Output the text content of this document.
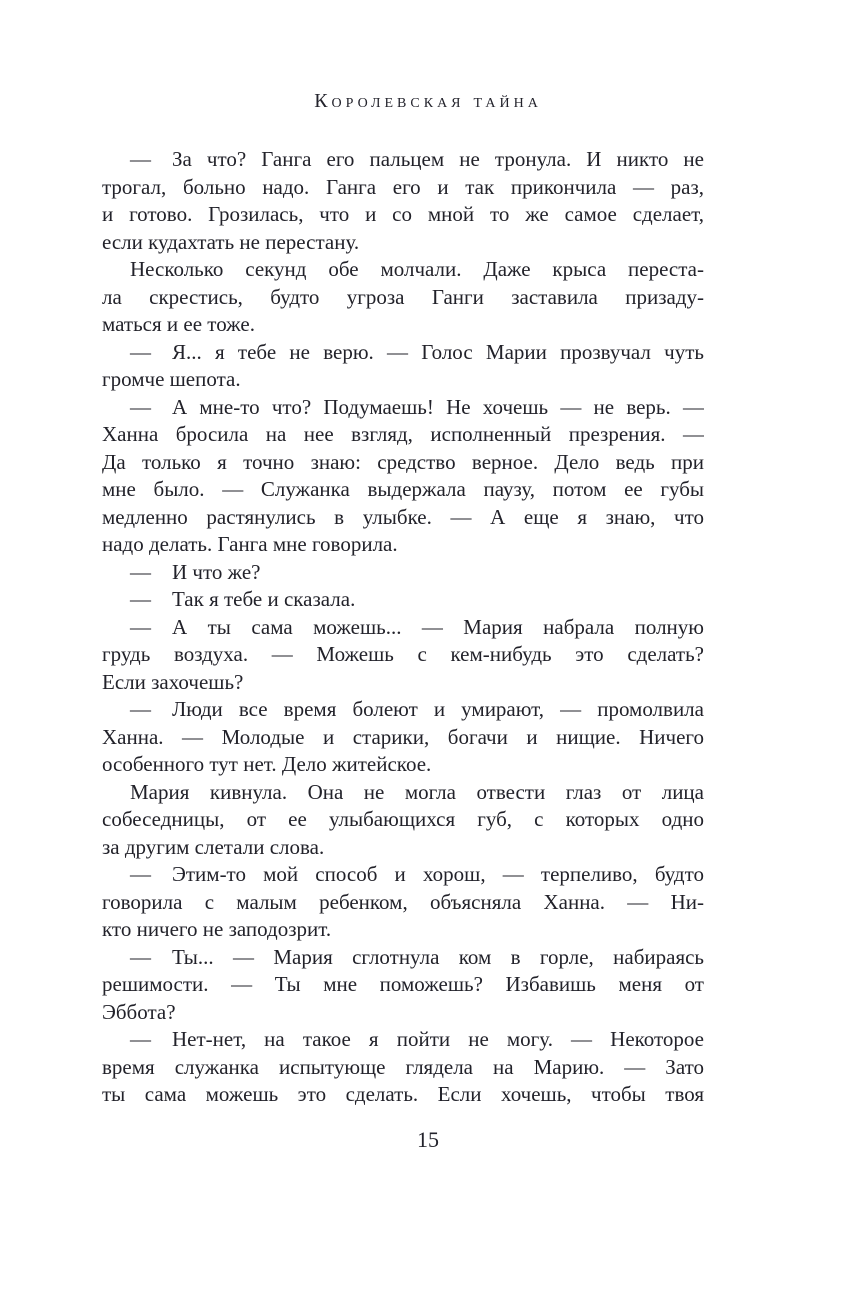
Королевская тайна
— За что? Ганга его пальцем не тронула. И никто не
трогал, больно надо. Ганга его и так прикончила — раз,
и готово. Грозилась, что и со мной то же самое сделает,
если кудахтать не перестану.
Несколько секунд обе молчали. Даже крыса переста-
ла скрестись, будто угроза Ганги заставила призаду-
маться и ее тоже.
— Я... я тебе не верю. — Голос Марии прозвучал чуть
громче шепота.
— А мне-то что? Подумаешь! Не хочешь — не верь. —
Ханна бросила на нее взгляд, исполненный презрения. —
Да только я точно знаю: средство верное. Дело ведь при
мне было. — Служанка выдержала паузу, потом ее губы
медленно растянулись в улыбке. — А еще я знаю, что
надо делать. Ганга мне говорила.
— И что же?
— Так я тебе и сказала.
— А ты сама можешь... — Мария набрала полную
грудь воздуха. — Можешь с кем-нибудь это сделать?
Если захочешь?
— Люди все время болеют и умирают, — промолвила
Ханна. — Молодые и старики, богачи и нищие. Ничего
особенного тут нет. Дело житейское.
Мария кивнула. Она не могла отвести глаз от лица
собеседницы, от ее улыбающихся губ, с которых одно
за другим слетали слова.
— Этим-то мой способ и хорош, — терпеливо, будто
говорила с малым ребенком, объясняла Ханна. — Ни-
кто ничего не заподозрит.
— Ты... — Мария сглотнула ком в горле, набираясь
решимости. — Ты мне поможешь? Избавишь меня от
Эббота?
— Нет-нет, на такое я пойти не могу. — Некоторое
время служанка испытующе глядела на Марию. — Зато
ты сама можешь это сделать. Если хочешь, чтобы твоя
15
